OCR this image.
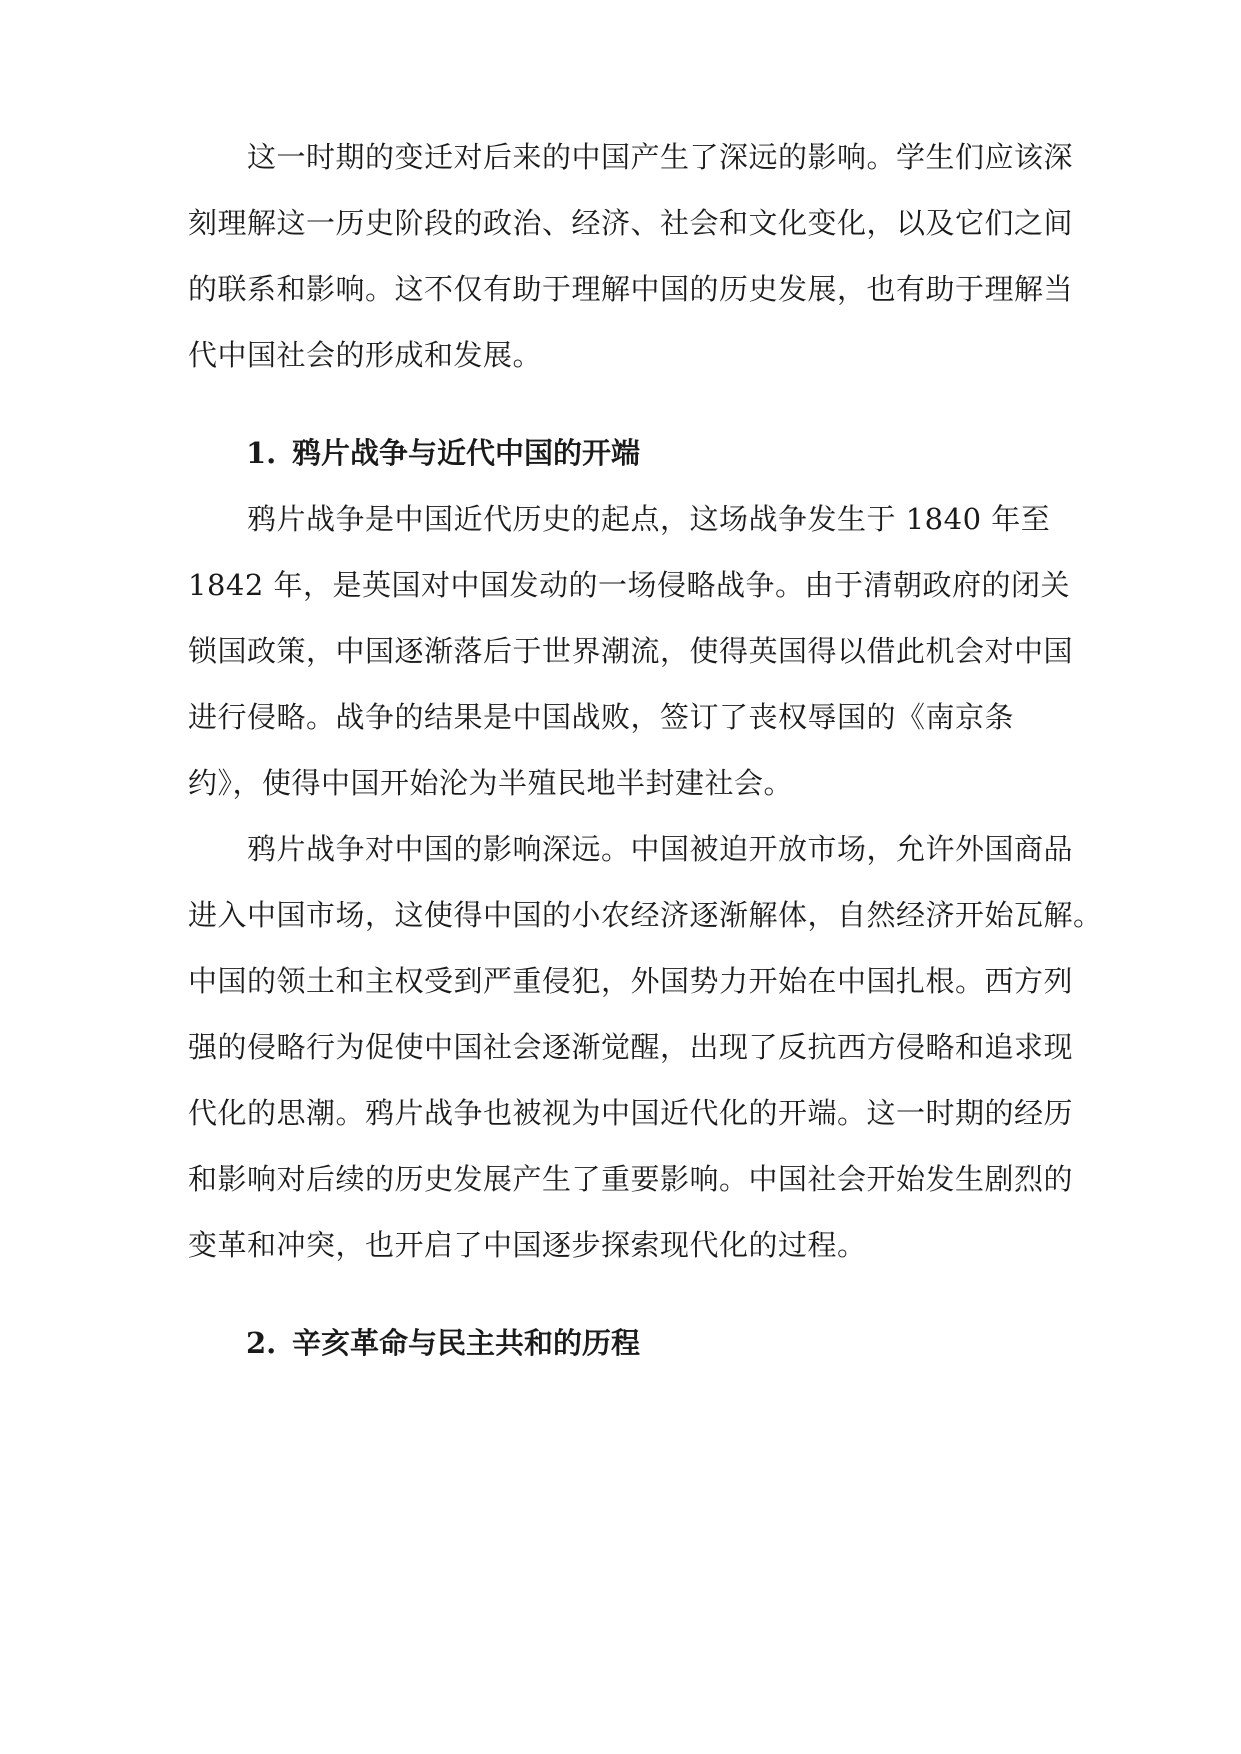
　　这一时期的变迁对后来的中国产生了深远的影响。学生们应该深
刻理解这一历史阶段的政治、经济、社会和文化变化，以及它们之间
的联系和影响。这不仅有助于理解中国的历史发展，也有助于理解当
代中国社会的形成和发展。
1. 鸦片战争与近代中国的开端
　　鸦片战争是中国近代历史的起点，这场战争发生于 1840 年至
1842 年，是英国对中国发动的一场侵略战争。由于清朝政府的闭关
锁国政策，中国逐渐落后于世界潮流，使得英国得以借此机会对中国
进行侵略。战争的结果是中国战败，签订了丧权辱国的《南京条
约》，使得中国开始沦为半殖民地半封建社会。
　　鸦片战争对中国的影响深远。中国被迫开放市场，允许外国商品
进入中国市场，这使得中国的小农经济逐渐解体，自然经济开始瓦解。
中国的领土和主权受到严重侵犯，外国势力开始在中国扎根。西方列
强的侵略行为促使中国社会逐渐觉醒，出现了反抗西方侵略和追求现
代化的思潮。鸦片战争也被视为中国近代化的开端。这一时期的经历
和影响对后续的历史发展产生了重要影响。中国社会开始发生剧烈的
变革和冲突，也开启了中国逐步探索现代化的过程。
2. 辛亥革命与民主共和的历程
